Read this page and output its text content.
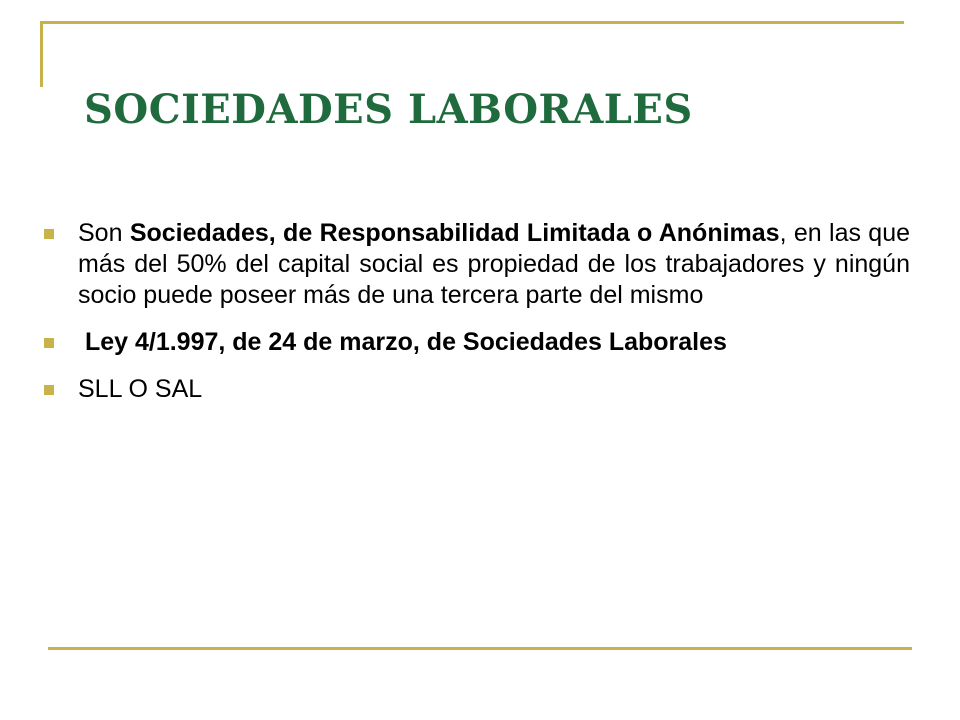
SOCIEDADES LABORALES
Son Sociedades, de Responsabilidad Limitada o Anónimas, en las que más del 50% del capital social es propiedad de los trabajadores y ningún socio puede poseer más de una tercera parte del mismo
Ley 4/1.997, de 24 de marzo, de Sociedades Laborales
SLL O SAL
